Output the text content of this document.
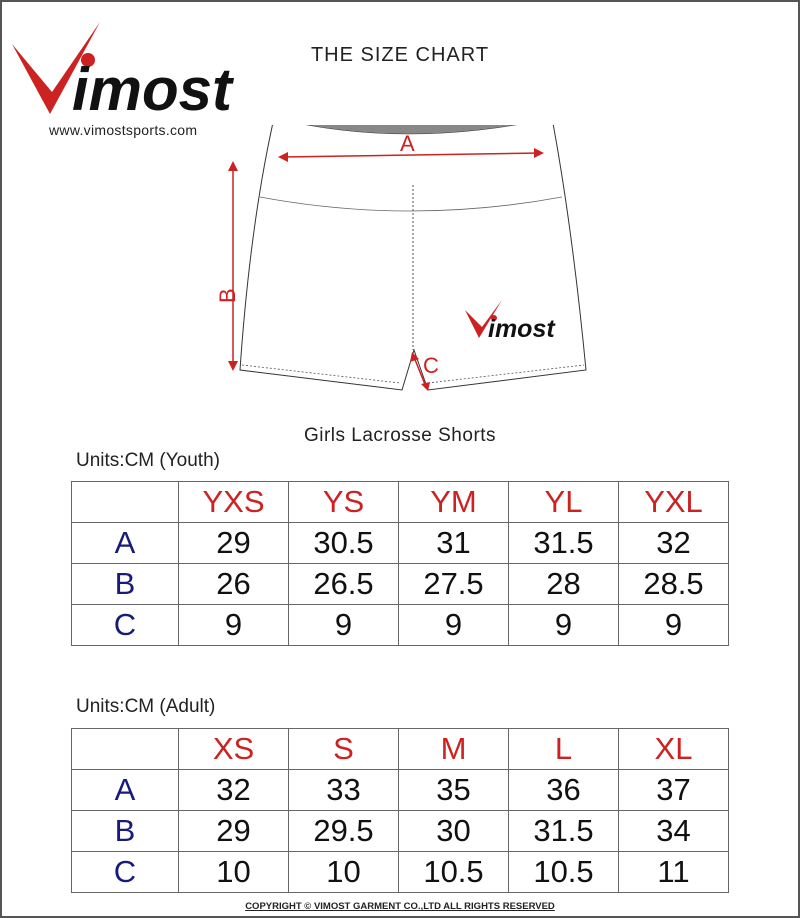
imost
www.vimostsports.com
THE SIZE CHART
A
B
C
imost
Girls Lacrosse Shorts
Units:CM (Youth)
	YXS	YS	YM	YL	YXL
A	29	30.5	31	31.5	32
B	26	26.5	27.5	28	28.5
C	9	9	9	9	9
Units:CM (Adult)
	XS	S	M	L	XL
A	32	33	35	36	37
B	29	29.5	30	31.5	34
C	10	10	10.5	10.5	11
COPYRIGHT © VIMOST GARMENT CO.,LTD ALL RIGHTS RESERVED
